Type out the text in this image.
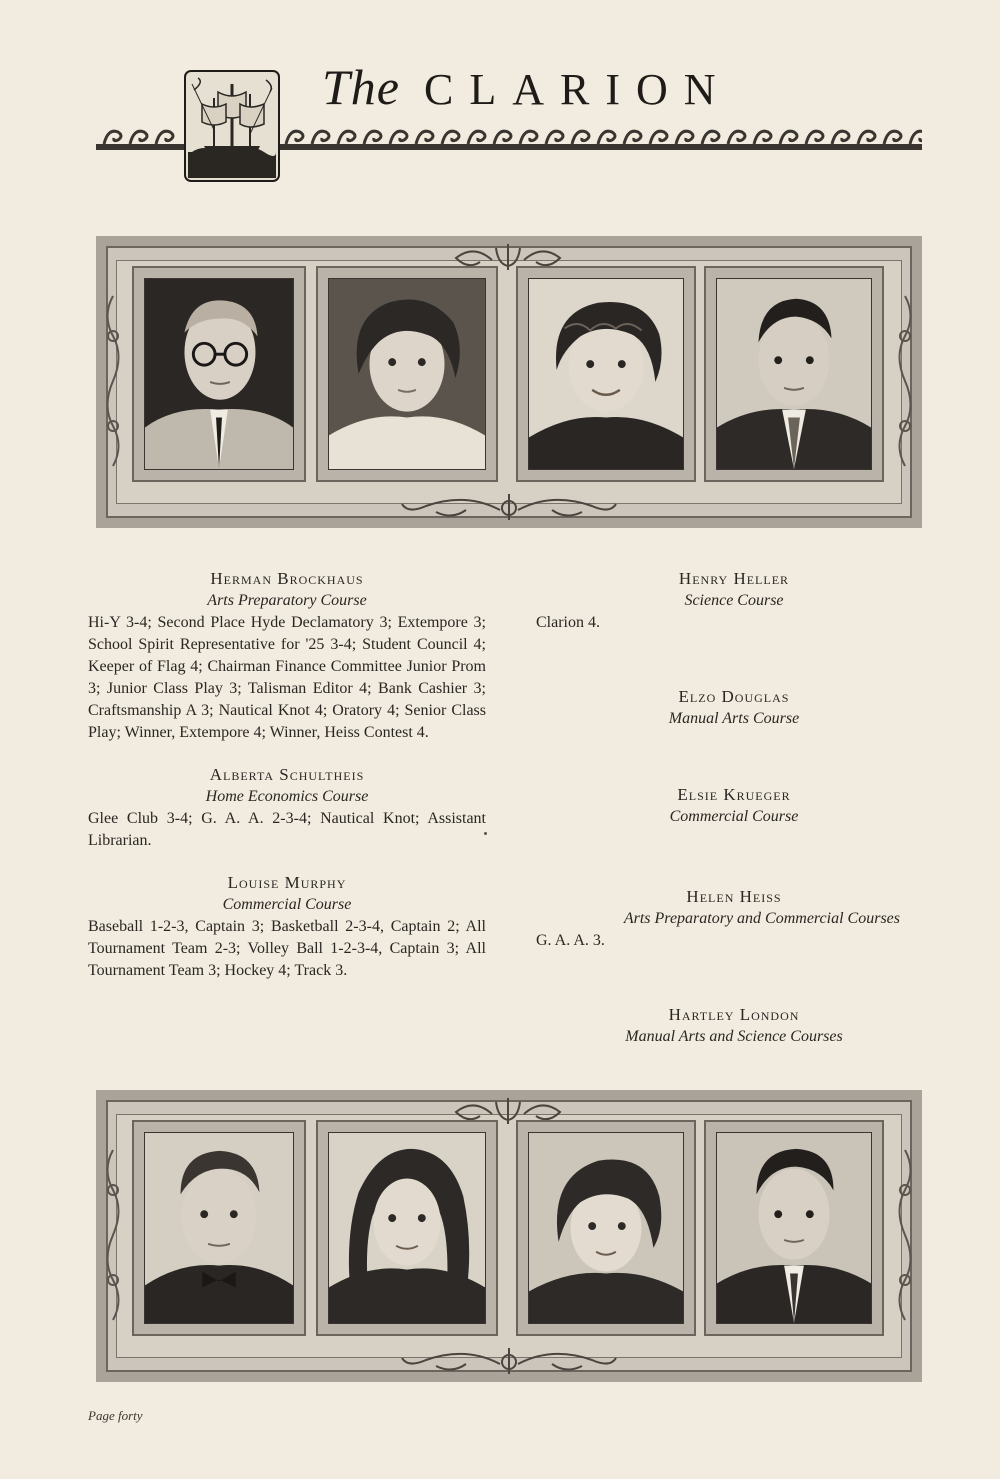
The CLARION

Herman Brockhaus

Arts Preparatory Course

Hi-Y 3-4; Second Place Hyde Declamatory 3; Extempore 3; School Spirit Representative for '25 3-4; Student Council 4; Keeper of Flag 4; Chairman Finance Committee Junior Prom 3; Junior Class Play 3; Talisman Editor 4; Bank Cashier 3; Craftsmanship A 3; Nautical Knot 4; Oratory 4; Senior Class Play; Winner, Extempore 4; Winner, Heiss Contest 4.

Alberta Schultheis

Home Economics Course

Glee Club 3-4; G. A. A. 2-3-4; Nautical Knot; Assistant Librarian.

Louise Murphy

Commercial Course

Baseball 1-2-3, Captain 3; Basketball 2-3-4, Captain 2; All Tournament Team 2-3; Volley Ball 1-2-3-4, Captain 3; All Tournament Team 3; Hockey 4; Track 3.

Henry Heller

Science Course

Clarion 4.

Elzo Douglas

Manual Arts Course

Elsie Krueger

Commercial Course

Helen Heiss

Arts Preparatory and Commercial Courses

G. A. A. 3.

Hartley London

Manual Arts and Science Courses

Page forty
